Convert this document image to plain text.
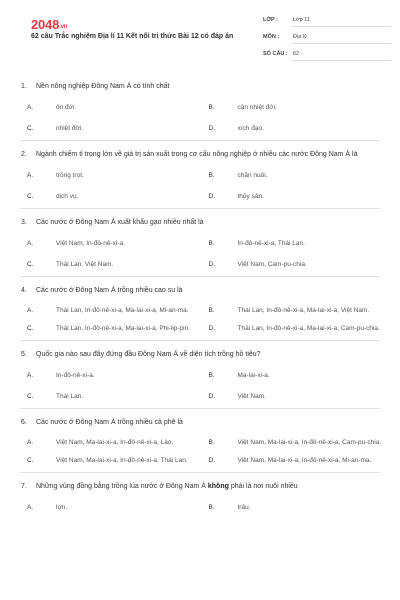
2048.vn
62 câu Trắc nghiệm Địa lí 11 Kết nối tri thức Bài 12 có đáp án
LỚP :	Lớp 11
MÔN :	Địa lý
SỐ CÂU : 62
1. Nền nông nghiệp Đông Nam Á có tính chất
A.	ôn đới.	B.	cận nhiệt đới.
C.	nhiệt đới.	D.	xích đạo.
2. Ngành chiếm tỉ trọng lớn về giá trị sản xuất trong cơ cấu nông nghiệp ở nhiều các nước Đông Nam Á là
A.	trồng trọt.	B.	chăn nuôi.
C.	dịch vụ.	D.	thủy sản.
3. Các nước ở Đông Nam Á xuất khẩu gạo nhiều nhất là
A.	Việt Nam, In-đô-nê-xi-a.	B.	In-đô-nê-xi-a, Thái Lan.
C.	Thái Lan, Việt Nam.	D.	Việt Nam, Cam-pu-chia.
4. Các nước ở Đông Nam Á trồng nhiều cao su là
A.	Thái Lan, In-đô-nê-xi-a, Ma-lai-xi-a, Mi-an-ma.	B.	Thái Lan, In-đô-nê-xi-a, Ma-lai-xi-a, Việt Nam.
C.	Thái Lan, In-đô-nê-xi-a, Ma-lai-xi-a, Phi-lip-pin.	D.	Thái Lan, In-đô-nê-xi-a, Ma-lai-xi-a, Cam-pu-chia.
5. Quốc gia nào sau đây đứng đầu Đông Nam Á về diện tích trồng hồ tiêu?
A.	In-đô-nê-xi-a.	B.	Ma-lai-xi-a.
C.	Thái Lan.	D.	Việt Nam.
6. Các nước ở Đông Nam Á trồng nhiều cà phê là
A.	Việt Nam, Ma-lai-xi-a, In-đô-nê-xi-a, Lào.	B.	Việt Nam, Ma-lai-xi-a, In-đô-nê-xi-a, Cam-pu-chia.
C.	Việt Nam, Ma-lai-xi-a, In-đô-nê-xi-a, Thái Lan.	D.	Việt Nam, Ma-lai-xi-a, In-đô-nê-xi-a, Mi-an-ma.
7. Những vùng đồng bằng trồng lúa nước ở Đông Nam Á không phải là nơi nuôi nhiều
A.	lợn.	B.	trâu.
